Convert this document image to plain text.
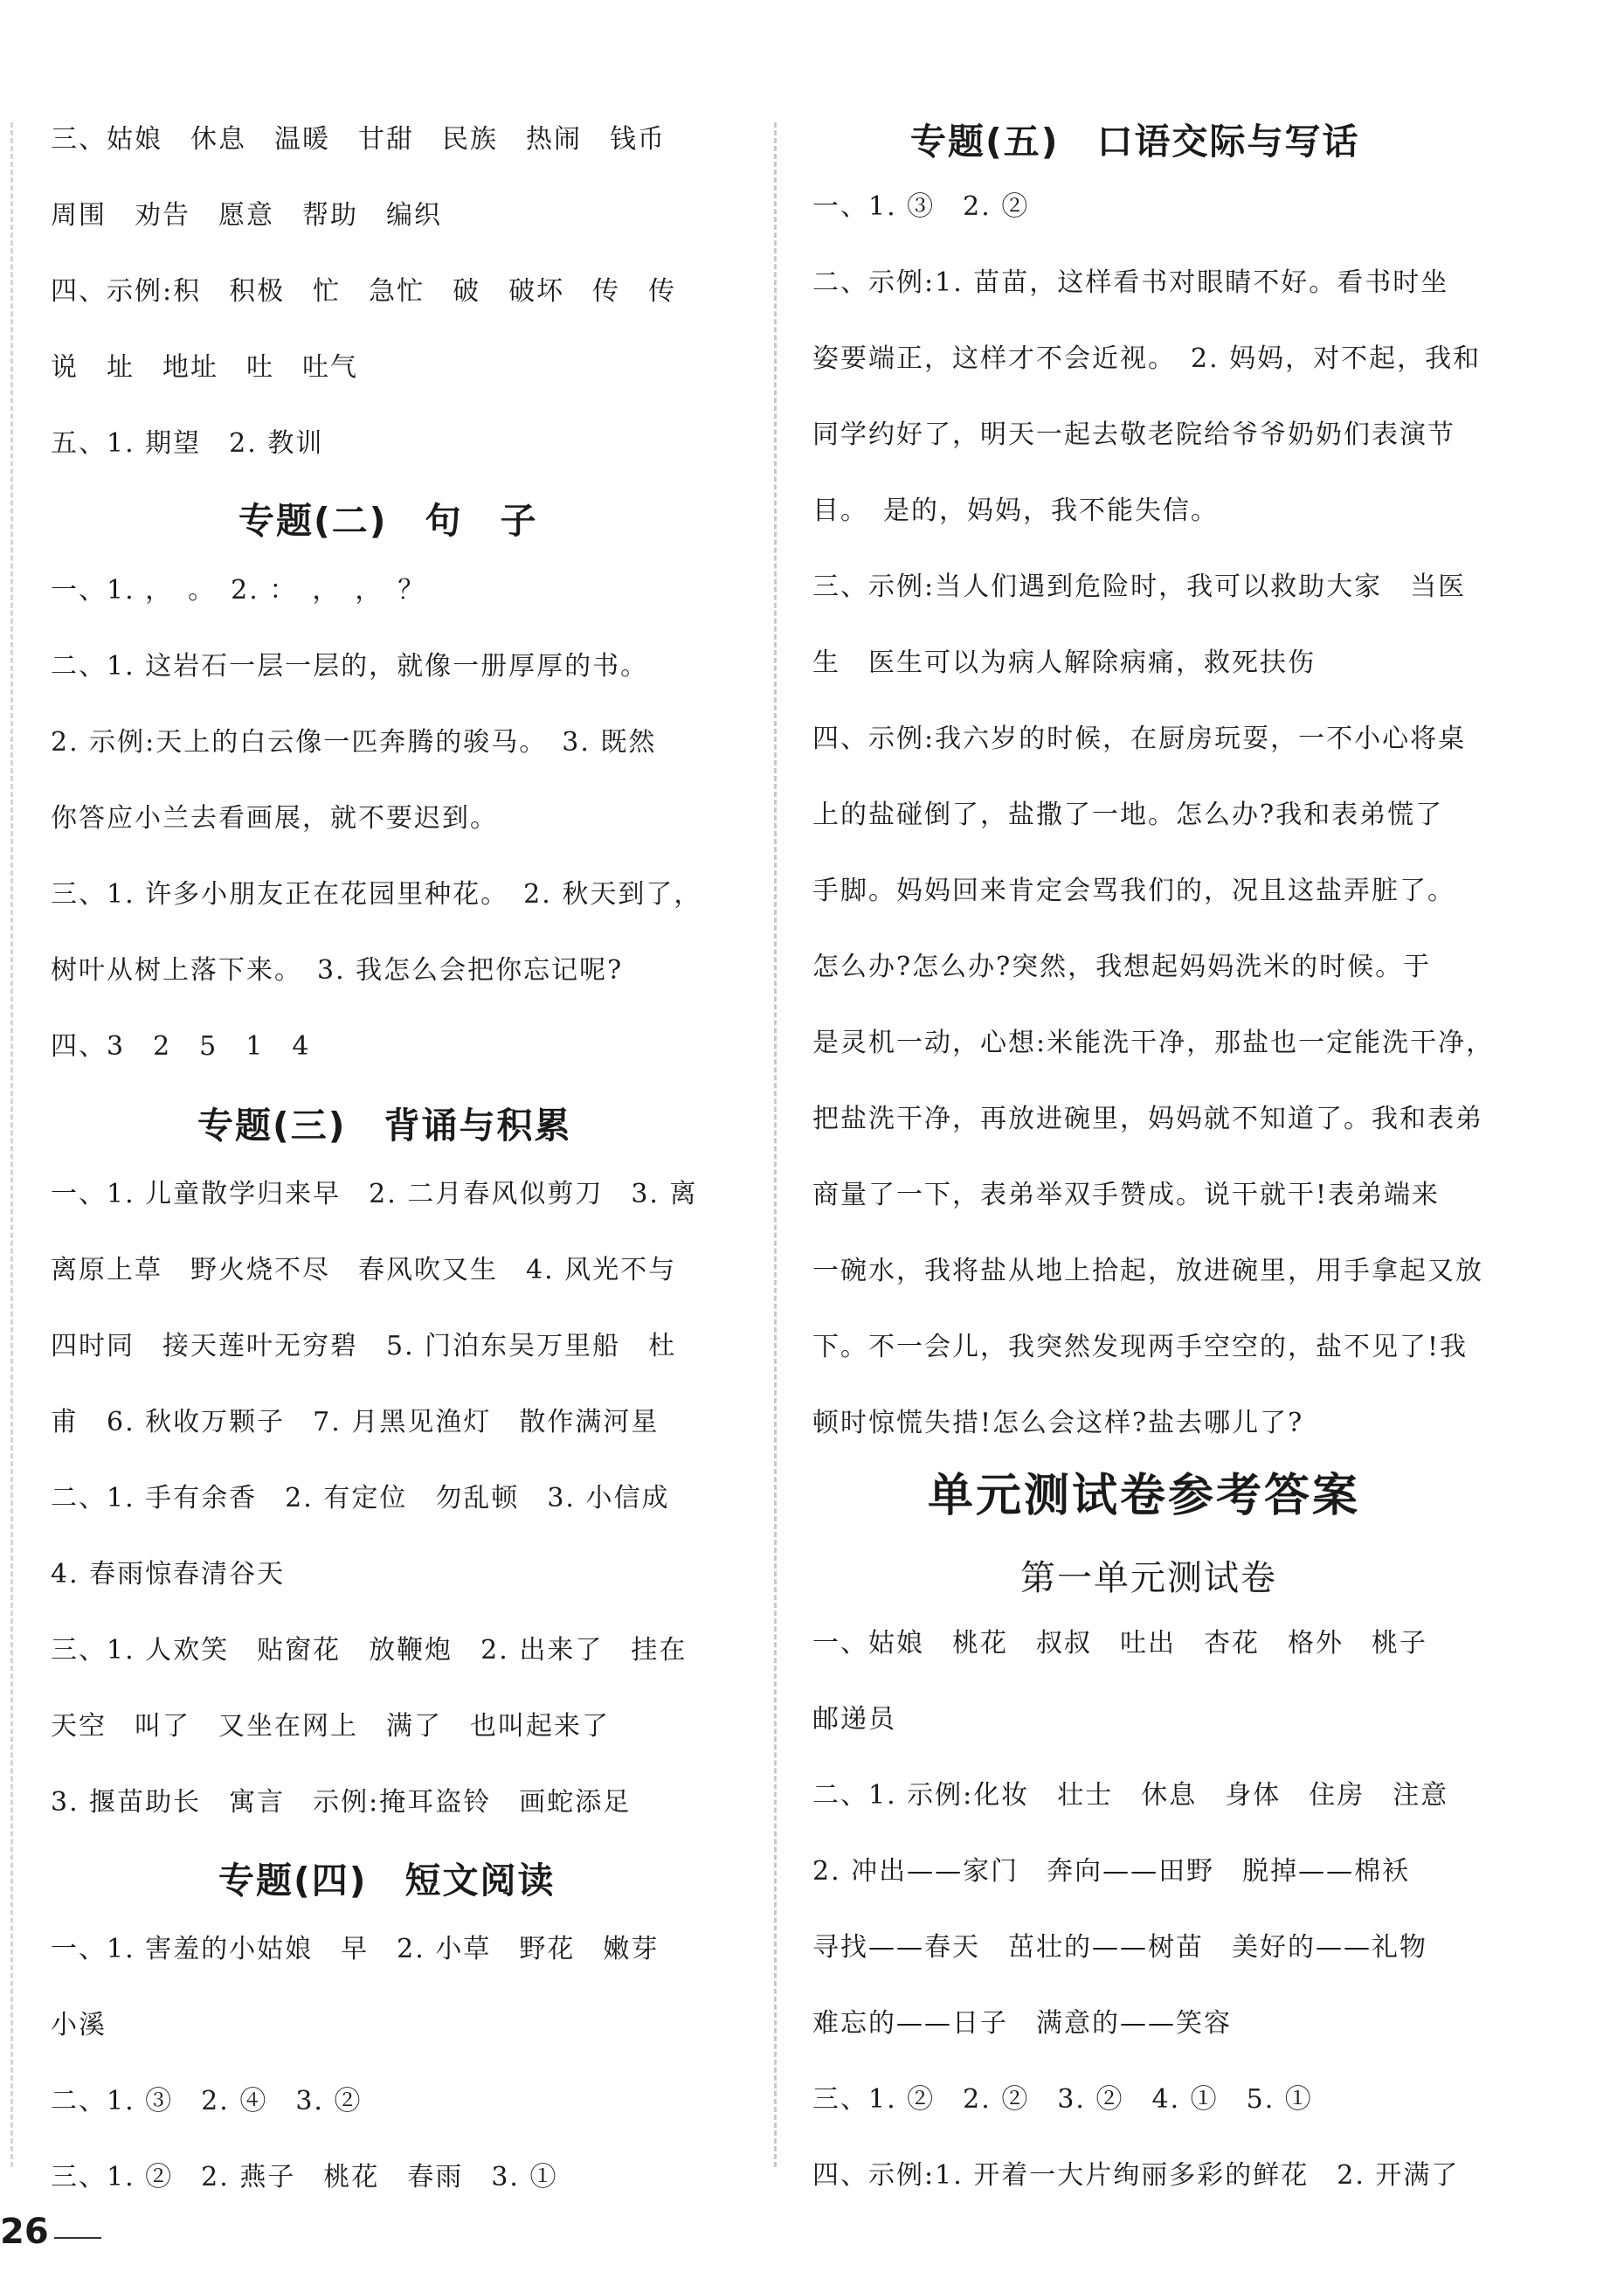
三、姑娘　休息　温暖　甘甜　民族　热闹　钱币
周围　劝告　愿意　帮助　编织
四、示例:积　积极　忙　急忙　破　破坏　传　传
说　址　地址　吐　吐气
五、1. 期望　2. 教训
专题(二)　句　子
一、1. ，　。　2. ：　，　，　？
二、1. 这岩石一层一层的，就像一册厚厚的书。
2. 示例:天上的白云像一匹奔腾的骏马。　3. 既然
你答应小兰去看画展，就不要迟到。
三、1. 许多小朋友正在花园里种花。　2. 秋天到了，
树叶从树上落下来。　3. 我怎么会把你忘记呢?
四、3　2　5　1　4
专题(三)　背诵与积累
一、1. 儿童散学归来早　2. 二月春风似剪刀　3. 离
离原上草　野火烧不尽　春风吹又生　4. 风光不与
四时同　接天莲叶无穷碧　5. 门泊东吴万里船　杜
甫　6. 秋收万颗子　7. 月黑见渔灯　散作满河星
二、1. 手有余香　2. 有定位　勿乱顿　3. 小信成
4. 春雨惊春清谷天
三、1. 人欢笑　贴窗花　放鞭炮　2. 出来了　挂在
天空　叫了　又坐在网上　满了　也叫起来了
3. 揠苗助长　寓言　示例:掩耳盗铃　画蛇添足
专题(四)　短文阅读
一、1. 害羞的小姑娘　早　2. 小草　野花　嫩芽
小溪
二、1. ③　2. ④　3. ②
三、1. ②　2. 燕子　桃花　春雨　3. ①
专题(五)　口语交际与写话
一、1. ③　2. ②
二、示例:1. 苗苗，这样看书对眼睛不好。看书时坐
姿要端正，这样才不会近视。　2. 妈妈，对不起，我和
同学约好了，明天一起去敬老院给爷爷奶奶们表演节
目。　是的，妈妈，我不能失信。
三、示例:当人们遇到危险时，我可以救助大家　当医
生　医生可以为病人解除病痛，救死扶伤
四、示例:我六岁的时候，在厨房玩耍，一不小心将桌
上的盐碰倒了，盐撒了一地。怎么办?我和表弟慌了
手脚。妈妈回来肯定会骂我们的，况且这盐弄脏了。
怎么办?怎么办?突然，我想起妈妈洗米的时候。于
是灵机一动，心想:米能洗干净，那盐也一定能洗干净，
把盐洗干净，再放进碗里，妈妈就不知道了。我和表弟
商量了一下，表弟举双手赞成。说干就干!表弟端来
一碗水，我将盐从地上拾起，放进碗里，用手拿起又放
下。不一会儿，我突然发现两手空空的，盐不见了!我
顿时惊慌失措!怎么会这样?盐去哪儿了?
单元测试卷参考答案
第一单元测试卷
一、姑娘　桃花　叔叔　吐出　杏花　格外　桃子
邮递员
二、1. 示例:化妆　壮士　休息　身体　住房　注意
2. 冲出——家门　奔向——田野　脱掉——棉袄
寻找——春天　茁壮的——树苗　美好的——礼物
难忘的——日子　满意的——笑容
三、1. ②　2. ②　3. ②　4. ①　5. ①
四、示例:1. 开着一大片绚丽多彩的鲜花　2. 开满了
26
